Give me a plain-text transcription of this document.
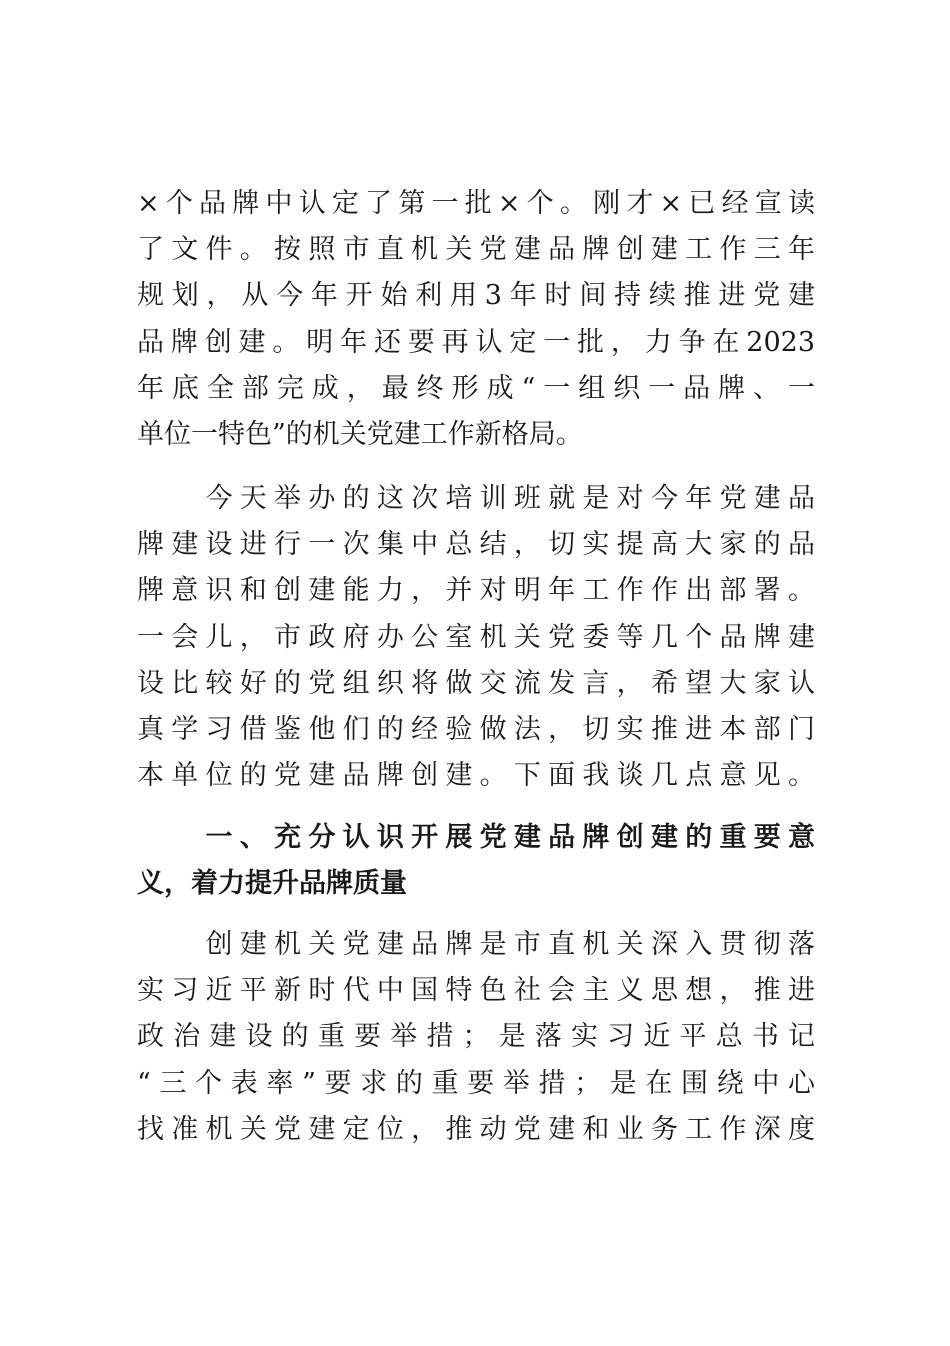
×个品牌中认定了第一批×个。刚才×已经宣读
了文件。按照市直机关党建品牌创建工作三年
规划，从今年开始利用3年时间持续推进党建
品牌创建。明年还要再认定一批，力争在2023
年底全部完成，最终形成“一组织一品牌、一
单位一特色”的机关党建工作新格局。
　　今天举办的这次培训班就是对今年党建品
牌建设进行一次集中总结，切实提高大家的品
牌意识和创建能力，并对明年工作作出部署。
一会儿，市政府办公室机关党委等几个品牌建
设比较好的党组织将做交流发言，希望大家认
真学习借鉴他们的经验做法，切实推进本部门
本单位的党建品牌创建。下面我谈几点意见。
　　一、充分认识开展党建品牌创建的重要意
义，着力提升品牌质量
　　创建机关党建品牌是市直机关深入贯彻落
实习近平新时代中国特色社会主义思想，推进
政治建设的重要举措；是落实习近平总书记
“三个表率”要求的重要举措；是在围绕中心
找准机关党建定位，推动党建和业务工作深度
